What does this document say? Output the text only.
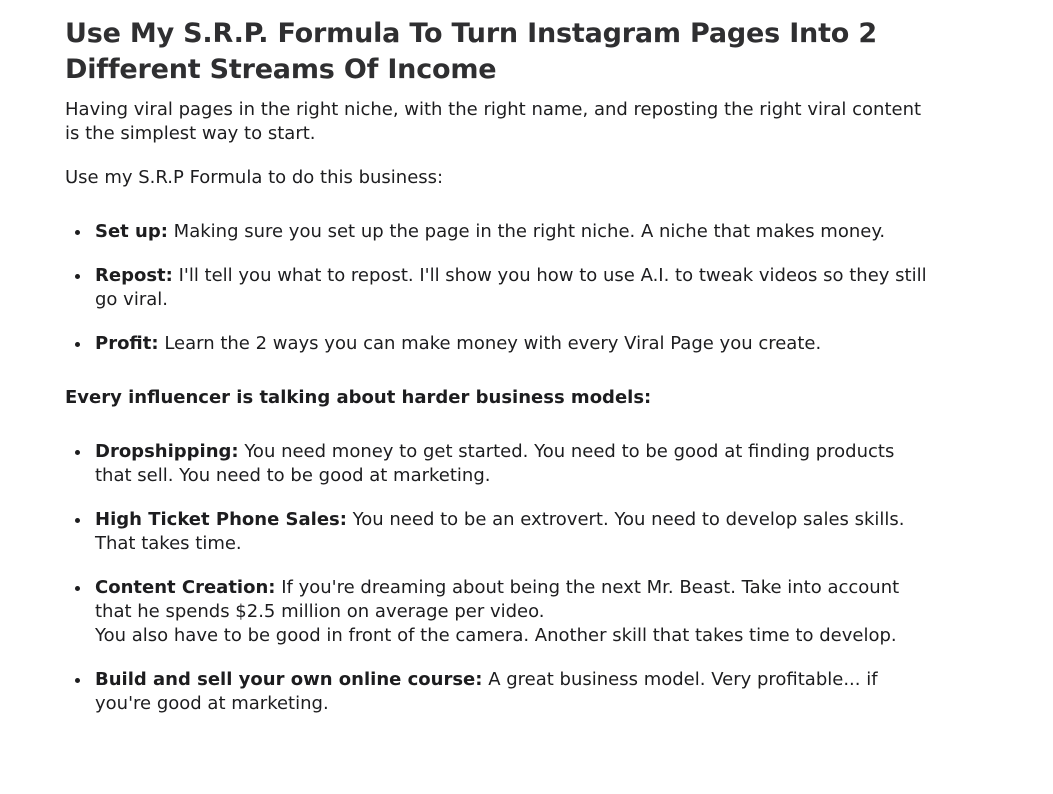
Use My S.R.P. Formula To Turn Instagram Pages Into 2 Different Streams Of Income

Having viral pages in the right niche, with the right name, and reposting the right viral content is the simplest way to start.

Use my S.R.P Formula to do this business:

Set up: Making sure you set up the page in the right niche. A niche that makes money.
Repost: I'll tell you what to repost. I'll show you how to use A.I. to tweak videos so they still go viral.
Profit: Learn the 2 ways you can make money with every Viral Page you create.

Every influencer is talking about harder business models:

Dropshipping: You need money to get started. You need to be good at finding products that sell. You need to be good at marketing.
High Ticket Phone Sales: You need to be an extrovert. You need to develop sales skills. That takes time.
Content Creation: If you're dreaming about being the next Mr. Beast. Take into account that he spends $2.5 million on average per video.
You also have to be good in front of the camera. Another skill that takes time to develop.
Build and sell your own online course: A great business model. Very profitable... if you're good at marketing.
